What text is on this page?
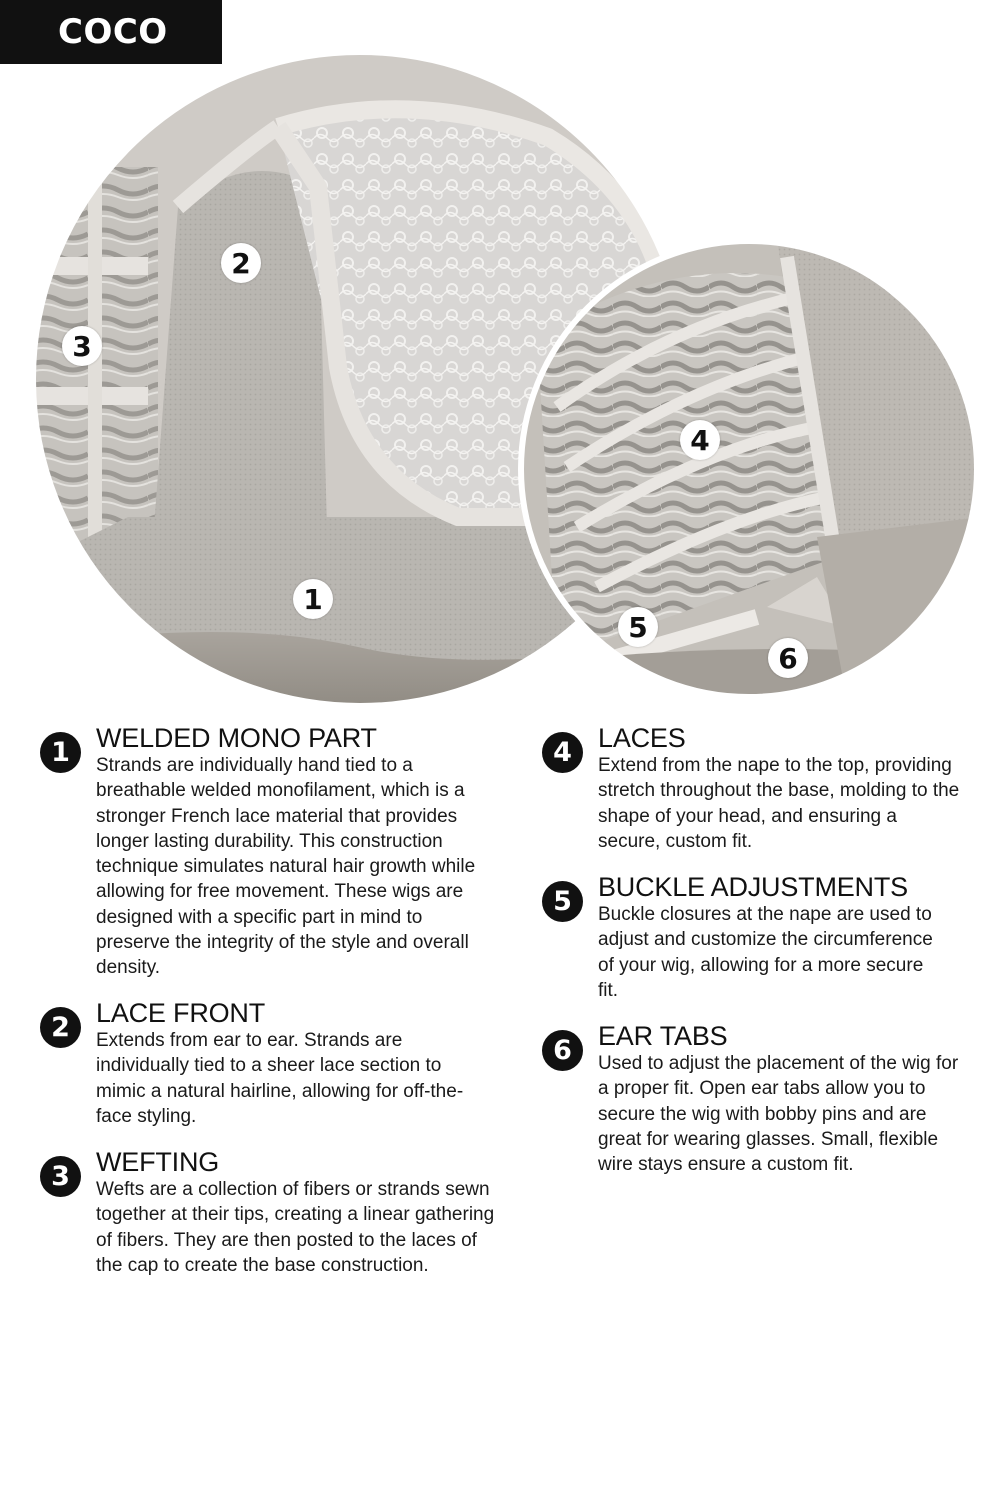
COCO
2
3
1
4
5
6
1 WELDED MONO PART

Strands are individually hand tied to a breathable welded monofilament, which is a stronger French lace material that provides longer lasting durability. This construction technique simulates natural hair growth while allowing for free movement. These wigs are designed with a specific part in mind to preserve the integrity of the style and overall density.

2 LACE FRONT

Extends from ear to ear. Strands are individually tied to a sheer lace section to mimic a natural hairline, allowing for off-the-face styling.

3 WEFTING

Wefts are a collection of fibers or strands sewn together at their tips, creating a linear gathering of fibers. They are then posted to the laces of the cap to create the base construction.

4 LACES

Extend from the nape to the top, providing stretch throughout the base, molding to the shape of your head, and ensuring a secure, custom fit.

5 BUCKLE ADJUSTMENTS

Buckle closures at the nape are used to adjust and customize the circumference of your wig, allowing for a more secure fit.

6 EAR TABS

Used to adjust the placement of the wig for a proper fit. Open ear tabs allow you to secure the wig with bobby pins and are great for wearing glasses. Small, flexible wire stays ensure a custom fit.
